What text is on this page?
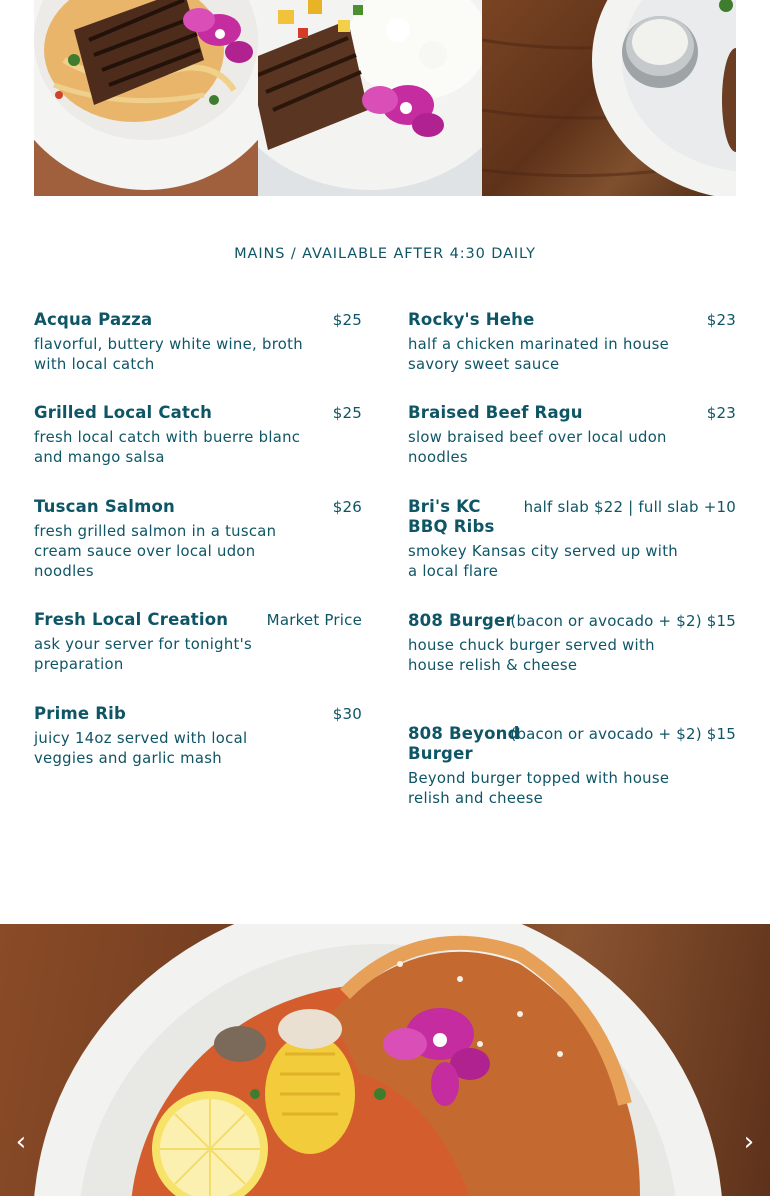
MAINS / AVAILABLE AFTER 4:30 DAILY
Acqua Pazza	$25
flavorful, buttery white wine, broth with local catch
Grilled Local Catch	$25
fresh local catch with buerre blanc and mango salsa
Tuscan Salmon	$26
fresh grilled salmon in a tuscan cream sauce over local udon noodles
Fresh Local Creation	Market Price
ask your server for tonight's preparation
Prime Rib	$30
juicy 14oz served with local veggies and garlic mash
Rocky's Hehe	$23
half a chicken marinated in house savory sweet sauce
Braised Beef Ragu	$23
slow braised beef over local udon noodles
Bri's KC BBQ Ribs
half slab $22 | full slab +10
smokey Kansas city served up with a local flare
808 Burger
(bacon or avocado + $2) $15
house chuck burger served with house relish & cheese
808 Beyond Burger
(bacon or avocado + $2) $15
Beyond burger topped with house relish and cheese
‹	›
